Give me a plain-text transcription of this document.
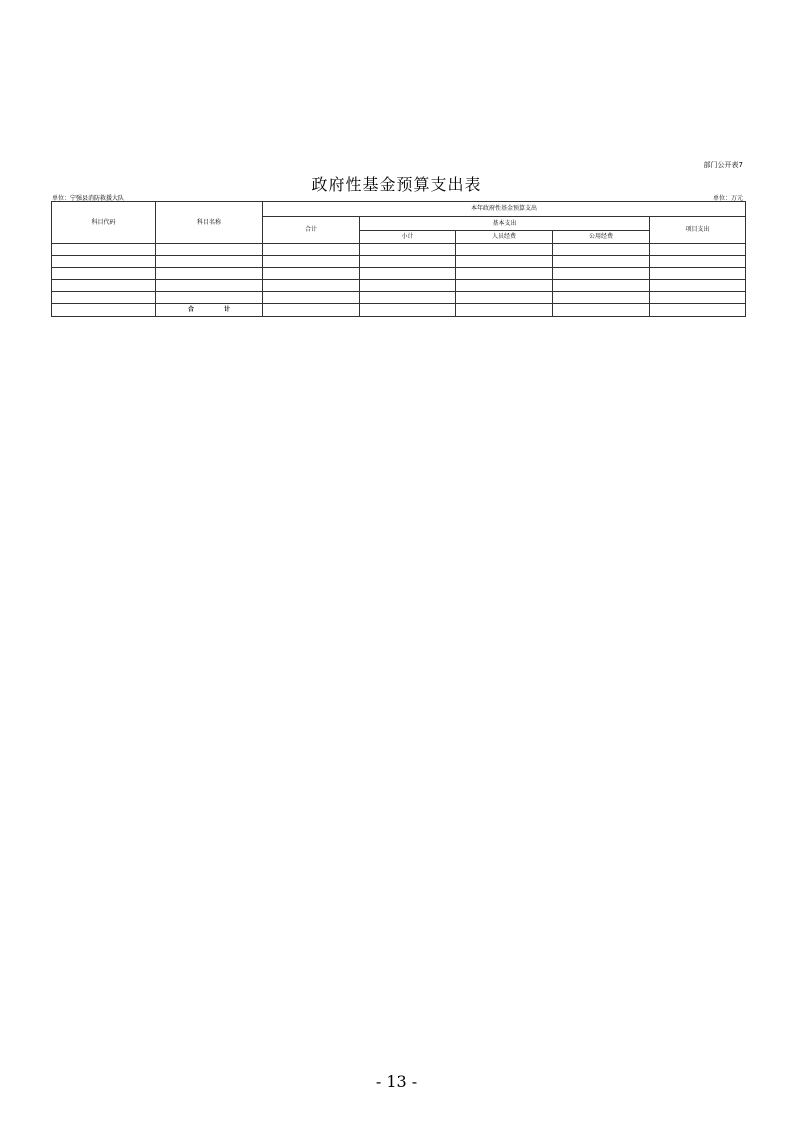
部门公开表7
政府性基金预算支出表
单位：宁强县消防救援大队	单位：万元
科目代码	科目名称	本年政府性基金预算支出				
		合计	基本支出			项目支出
			小计	人员经费	公用经费	

	合 计					
- 13 -
